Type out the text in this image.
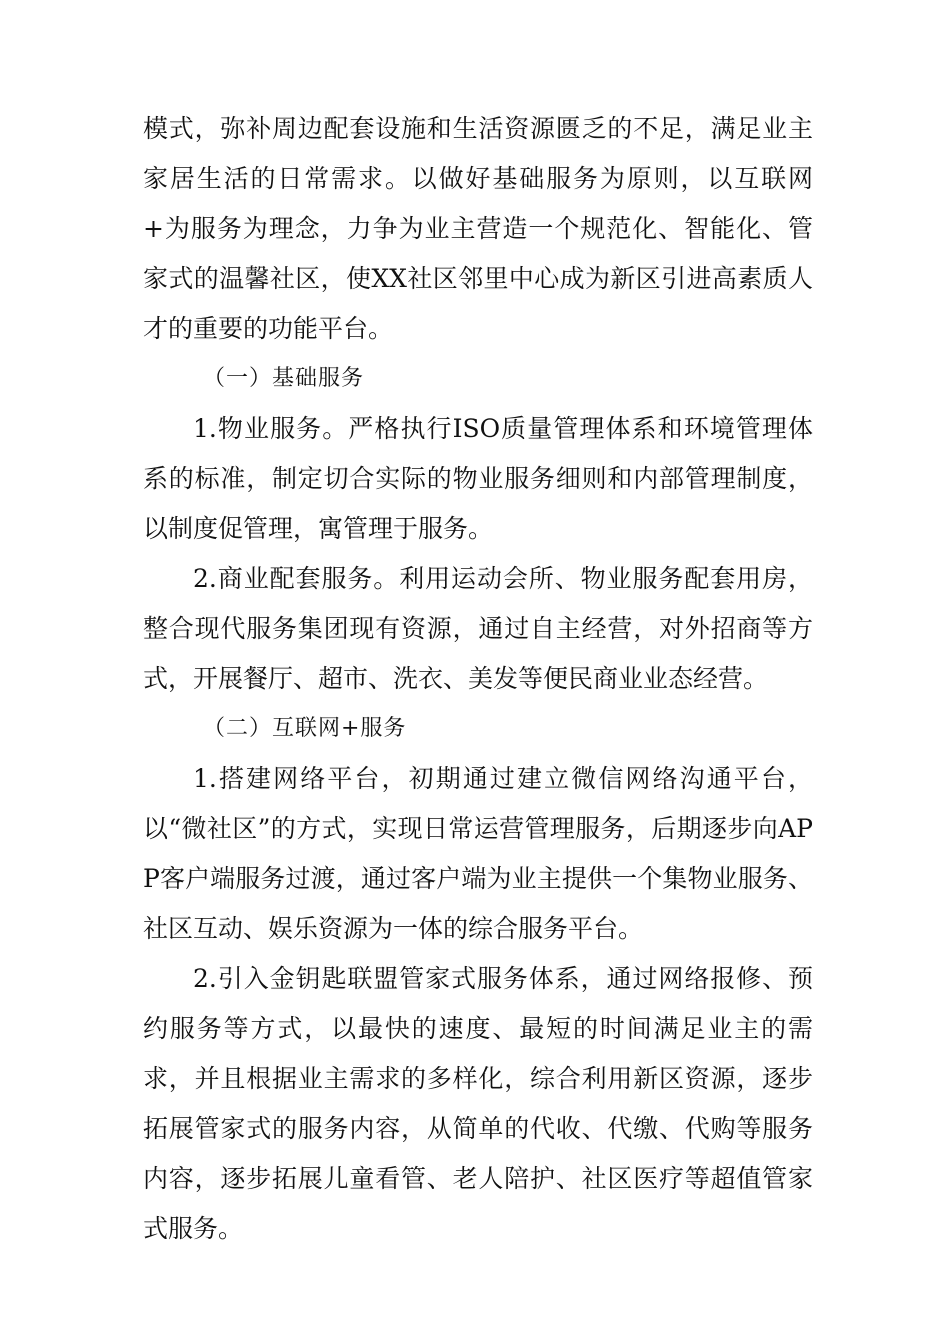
模式，弥补周边配套设施和生活资源匮乏的不足，满足业主家居生活的日常需求。以做好基础服务为原则，以互联网+为服务为理念，力争为业主营造一个规范化、智能化、管家式的温馨社区，使XX社区邻里中心成为新区引进高素质人才的重要的功能平台。

（一）基础服务

1.物业服务。严格执行ISO质量管理体系和环境管理体系的标准，制定切合实际的物业服务细则和内部管理制度，以制度促管理，寓管理于服务。

2.商业配套服务。利用运动会所、物业服务配套用房，整合现代服务集团现有资源，通过自主经营，对外招商等方式，开展餐厅、超市、洗衣、美发等便民商业业态经营。

（二）互联网+服务

1.搭建网络平台，初期通过建立微信网络沟通平台，以“微社区”的方式，实现日常运营管理服务，后期逐步向APP客户端服务过渡，通过客户端为业主提供一个集物业服务、社区互动、娱乐资源为一体的综合服务平台。

2.引入金钥匙联盟管家式服务体系，通过网络报修、预约服务等方式，以最快的速度、最短的时间满足业主的需求，并且根据业主需求的多样化，综合利用新区资源，逐步拓展管家式的服务内容，从简单的代收、代缴、代购等服务内容，逐步拓展儿童看管、老人陪护、社区医疗等超值管家式服务。
